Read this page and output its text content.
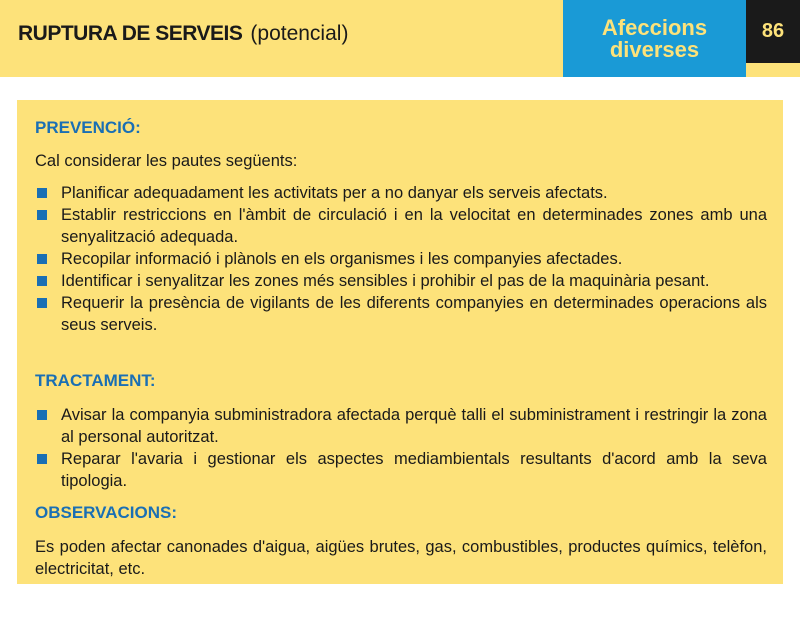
RUPTURA DE SERVEIS (potencial)	Afeccions
diverses
86
PREVENCIÓ:
Cal considerar les pautes següents:
Planificar adequadament les activitats per a no danyar els serveis afectats.
Establir restriccions en l'àmbit de circulació i en la velocitat en determinades zones amb una senyalització adequada.
Recopilar informació i plànols en els organismes i les companyies afectades.
Identificar i senyalitzar les zones més sensibles i prohibir el pas de la maquinària pesant.
Requerir la presència de vigilants de les diferents companyies en determinades operacions als seus serveis.
TRACTAMENT:
Avisar la companyia subministradora afectada perquè talli el subministrament i restringir la zona al personal autoritzat.
Reparar l'avaria i gestionar els aspectes mediambientals resultants d'acord amb la seva tipologia.
OBSERVACIONS:
Es poden afectar canonades d'aigua, aigües brutes, gas, combustibles, productes químics, telèfon, electricitat, etc.
